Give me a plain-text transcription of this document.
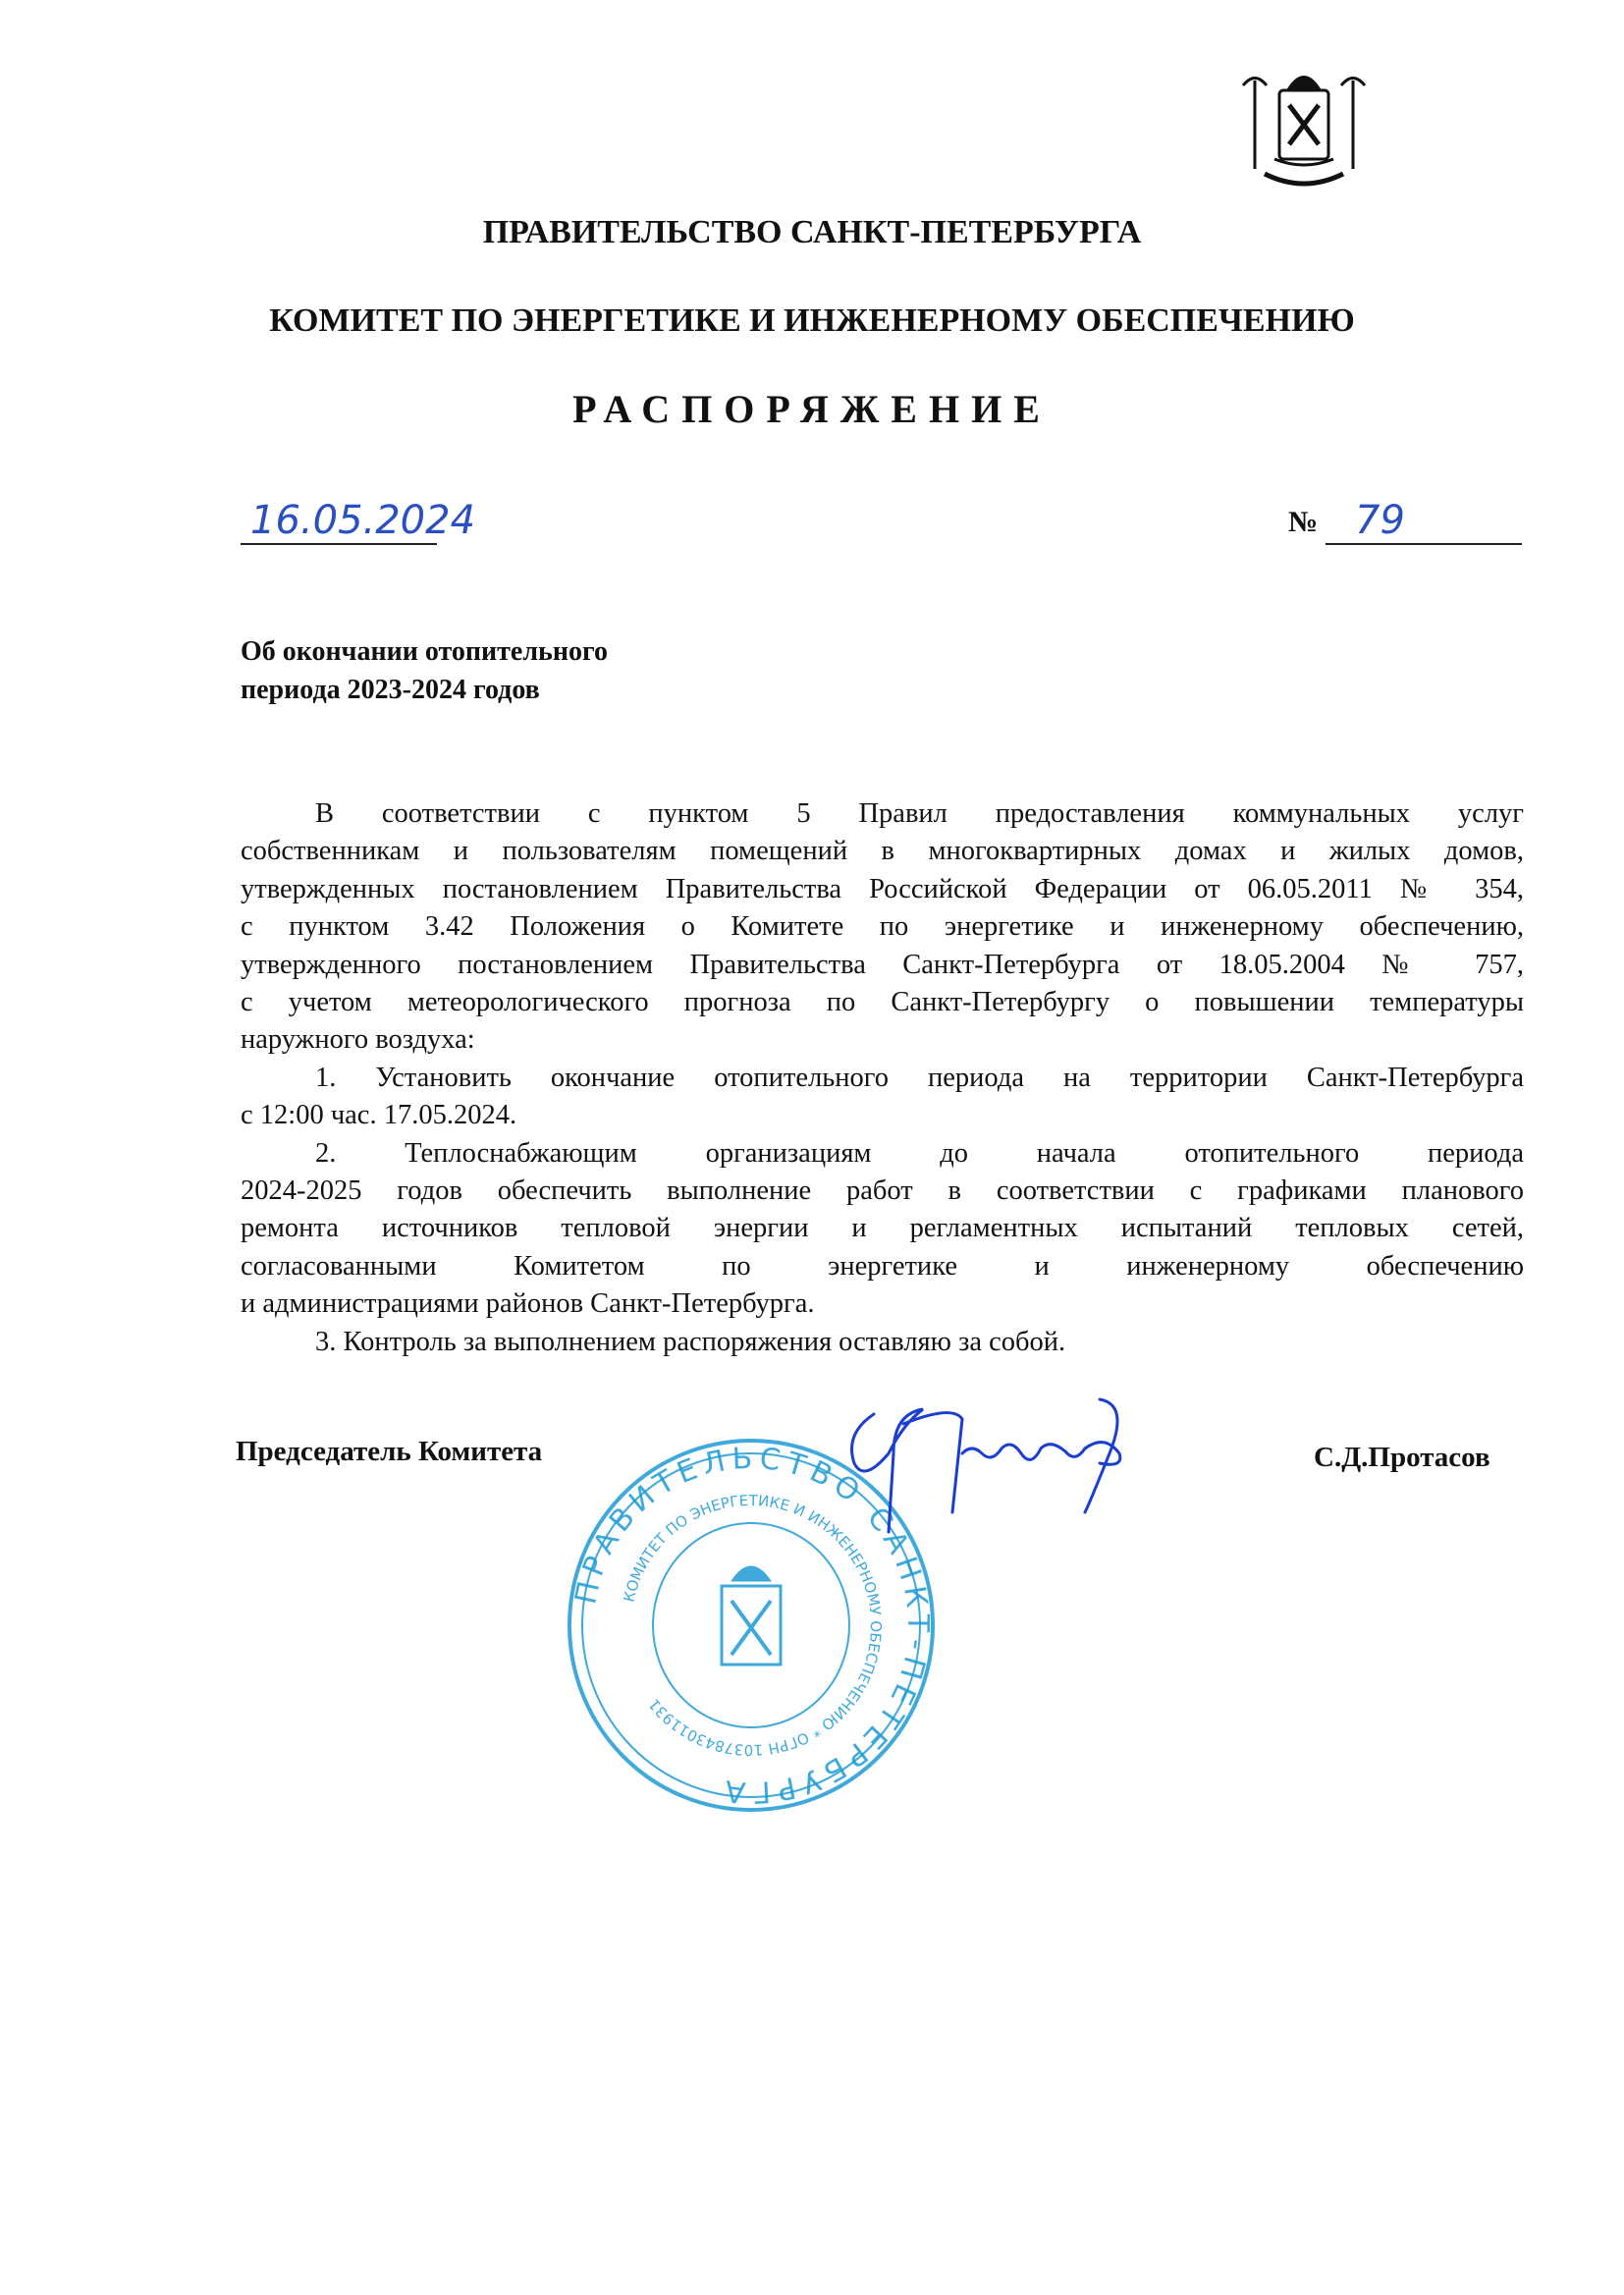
ПРАВИТЕЛЬСТВО САНКТ-ПЕТЕРБУРГА
КОМИТЕТ ПО ЭНЕРГЕТИКЕ И ИНЖЕНЕРНОМУ ОБЕСПЕЧЕНИЮ
РАСПОРЯЖЕНИЕ
16.05.2024	№ 79
Об окончании отопительного
периода 2023-2024 годов
В соответствии с пунктом 5 Правил предоставления коммунальных услуг
собственникам и пользователям помещений в многоквартирных домах и жилых домов,
утвержденных постановлением Правительства Российской Федерации от 06.05.2011 № 354,
с пунктом 3.42 Положения о Комитете по энергетике и инженерному обеспечению,
утвержденного постановлением Правительства Санкт-Петербурга от 18.05.2004 № 757,
с учетом метеорологического прогноза по Санкт-Петербургу о повышении температуры
наружного воздуха:
1. Установить окончание отопительного периода на территории Санкт-Петербурга
с 12:00 час. 17.05.2024.
2. Теплоснабжающим организациям до начала отопительного периода
2024-2025 годов обеспечить выполнение работ в соответствии с графиками планового
ремонта источников тепловой энергии и регламентных испытаний тепловых сетей,
согласованными Комитетом по энергетике и инженерному обеспечению
и администрациями районов Санкт-Петербурга.
3. Контроль за выполнением распоряжения оставляю за собой.
Председатель Комитета	С.Д.Протасов
ПРАВИТЕЛЬСТВО САНКТ-ПЕТЕРБУРГА
КОМИТЕТ ПО ЭНЕРГЕТИКЕ И ИНЖЕНЕРНОМУ ОБЕСПЕЧЕНИЮ * ОГРН 1037843011931
